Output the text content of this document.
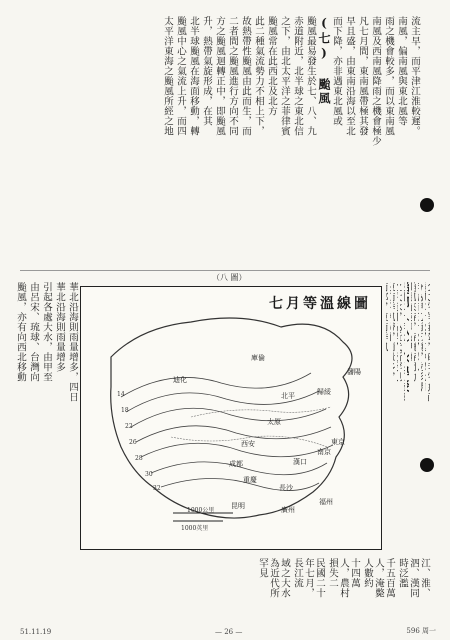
流主早，而平津江淮較遲。
南風，偏南風與東北風等
雨之機會較多，而以東南風
南風及西南風降雨之機會極少
凡七月間，東南風帶極其發
早且盛，由東南沿海以至北
而下降，亦非遇東北風或
(七) 颱風
颱風最易發生於七、八、九
赤道附近，北半球之東北信
之下，由北太平洋之菲律賓
颱風常在此西北及北方
此二種氣流勢力不相上下，
故熱帶性颱風由此而生，而
二者間之颱風進行方向不同
方之颱風迴轉正中，即颱風
升，熱帶氣旋形成，在其
北半球颱風在海面移動，轉
颱風中心之氣流上升，而四
太平洋東海之颱風所經之地
（八 圖）
華北沿海則雨量增多，四日
華北沿海則雨量增多
引起各處大水，由甲至
由呂宋、琉球、台灣向
颱風，亦有向西北移動	七月等溫線圖
迪化
庫倫
歸綏
瀋陽
北平
太原
西安	東京
成都
重慶
漢口
南京
長沙
昆明	福州
廣州
14
18
22
26
28
30
32
1000公里
1000英里
江、淮、泗、漢同時泛濫
千五百萬人，淹斃人數約
十四萬人，農村損失二
民國二十年七月，長江流
域之大水為近代所罕見
51.11.19	— 26 —	596 周一
